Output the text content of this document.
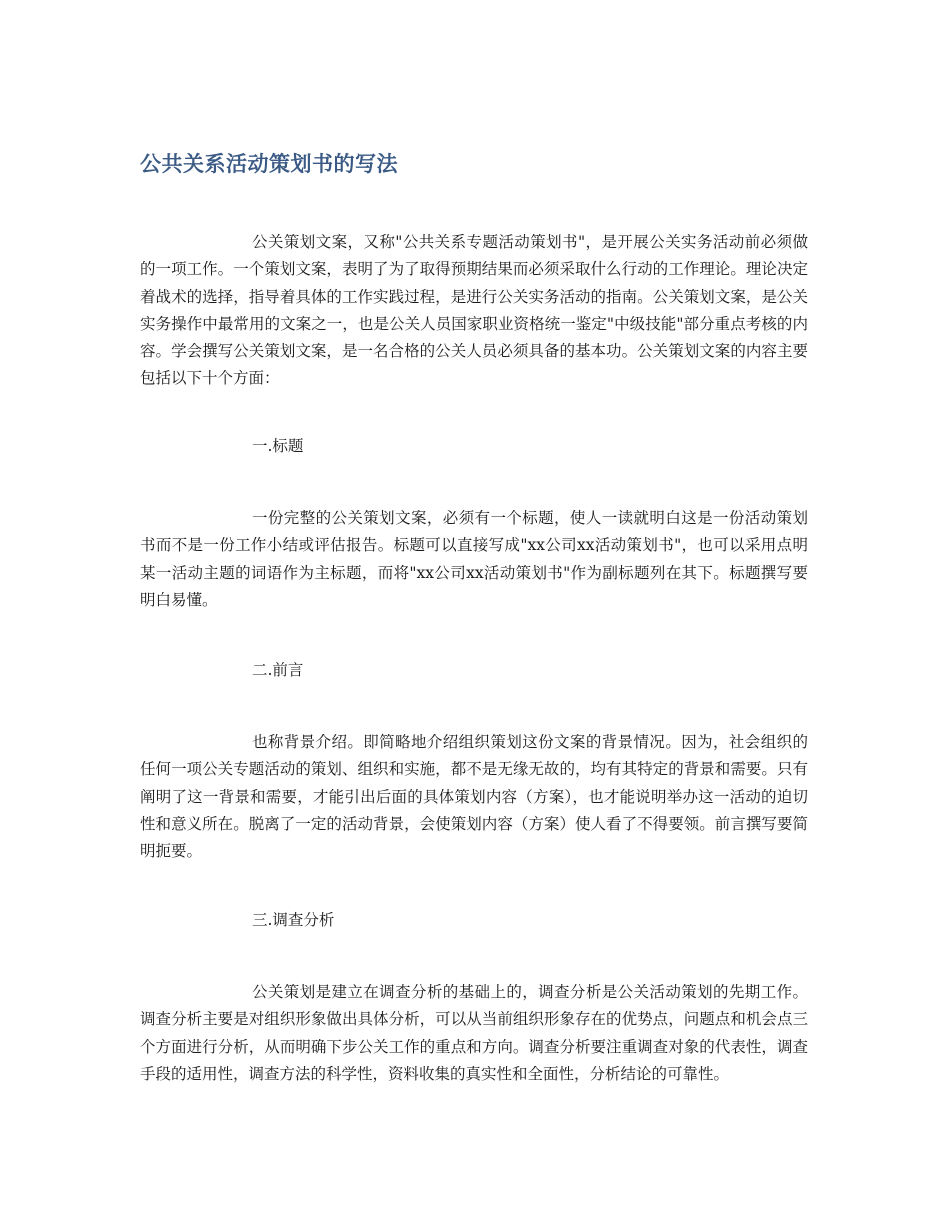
公共关系活动策划书的写法

公关策划文案，又称"公共关系专题活动策划书"，是开展公关实务活动前必须做的一项工作。一个策划文案，表明了为了取得预期结果而必须采取什么行动的工作理论。理论决定着战术的选择，指导着具体的工作实践过程，是进行公关实务活动的指南。公关策划文案，是公关实务操作中最常用的文案之一，也是公关人员国家职业资格统一鉴定"中级技能"部分重点考核的内容。学会撰写公关策划文案，是一名合格的公关人员必须具备的基本功。公关策划文案的内容主要包括以下十个方面：

一.标题

一份完整的公关策划文案，必须有一个标题，使人一读就明白这是一份活动策划书而不是一份工作小结或评估报告。标题可以直接写成"xx公司xx活动策划书"，也可以采用点明某一活动主题的词语作为主标题，而将"xx公司xx活动策划书"作为副标题列在其下。标题撰写要明白易懂。

二.前言

也称背景介绍。即简略地介绍组织策划这份文案的背景情况。因为，社会组织的任何一项公关专题活动的策划、组织和实施，都不是无缘无故的，均有其特定的背景和需要。只有阐明了这一背景和需要，才能引出后面的具体策划内容（方案），也才能说明举办这一活动的迫切性和意义所在。脱离了一定的活动背景，会使策划内容（方案）使人看了不得要领。前言撰写要简明扼要。

三.调查分析

公关策划是建立在调查分析的基础上的，调查分析是公关活动策划的先期工作。调查分析主要是对组织形象做出具体分析，可以从当前组织形象存在的优势点，问题点和机会点三个方面进行分析，从而明确下步公关工作的重点和方向。调查分析要注重调查对象的代表性，调查手段的适用性，调查方法的科学性，资料收集的真实性和全面性，分析结论的可靠性。
